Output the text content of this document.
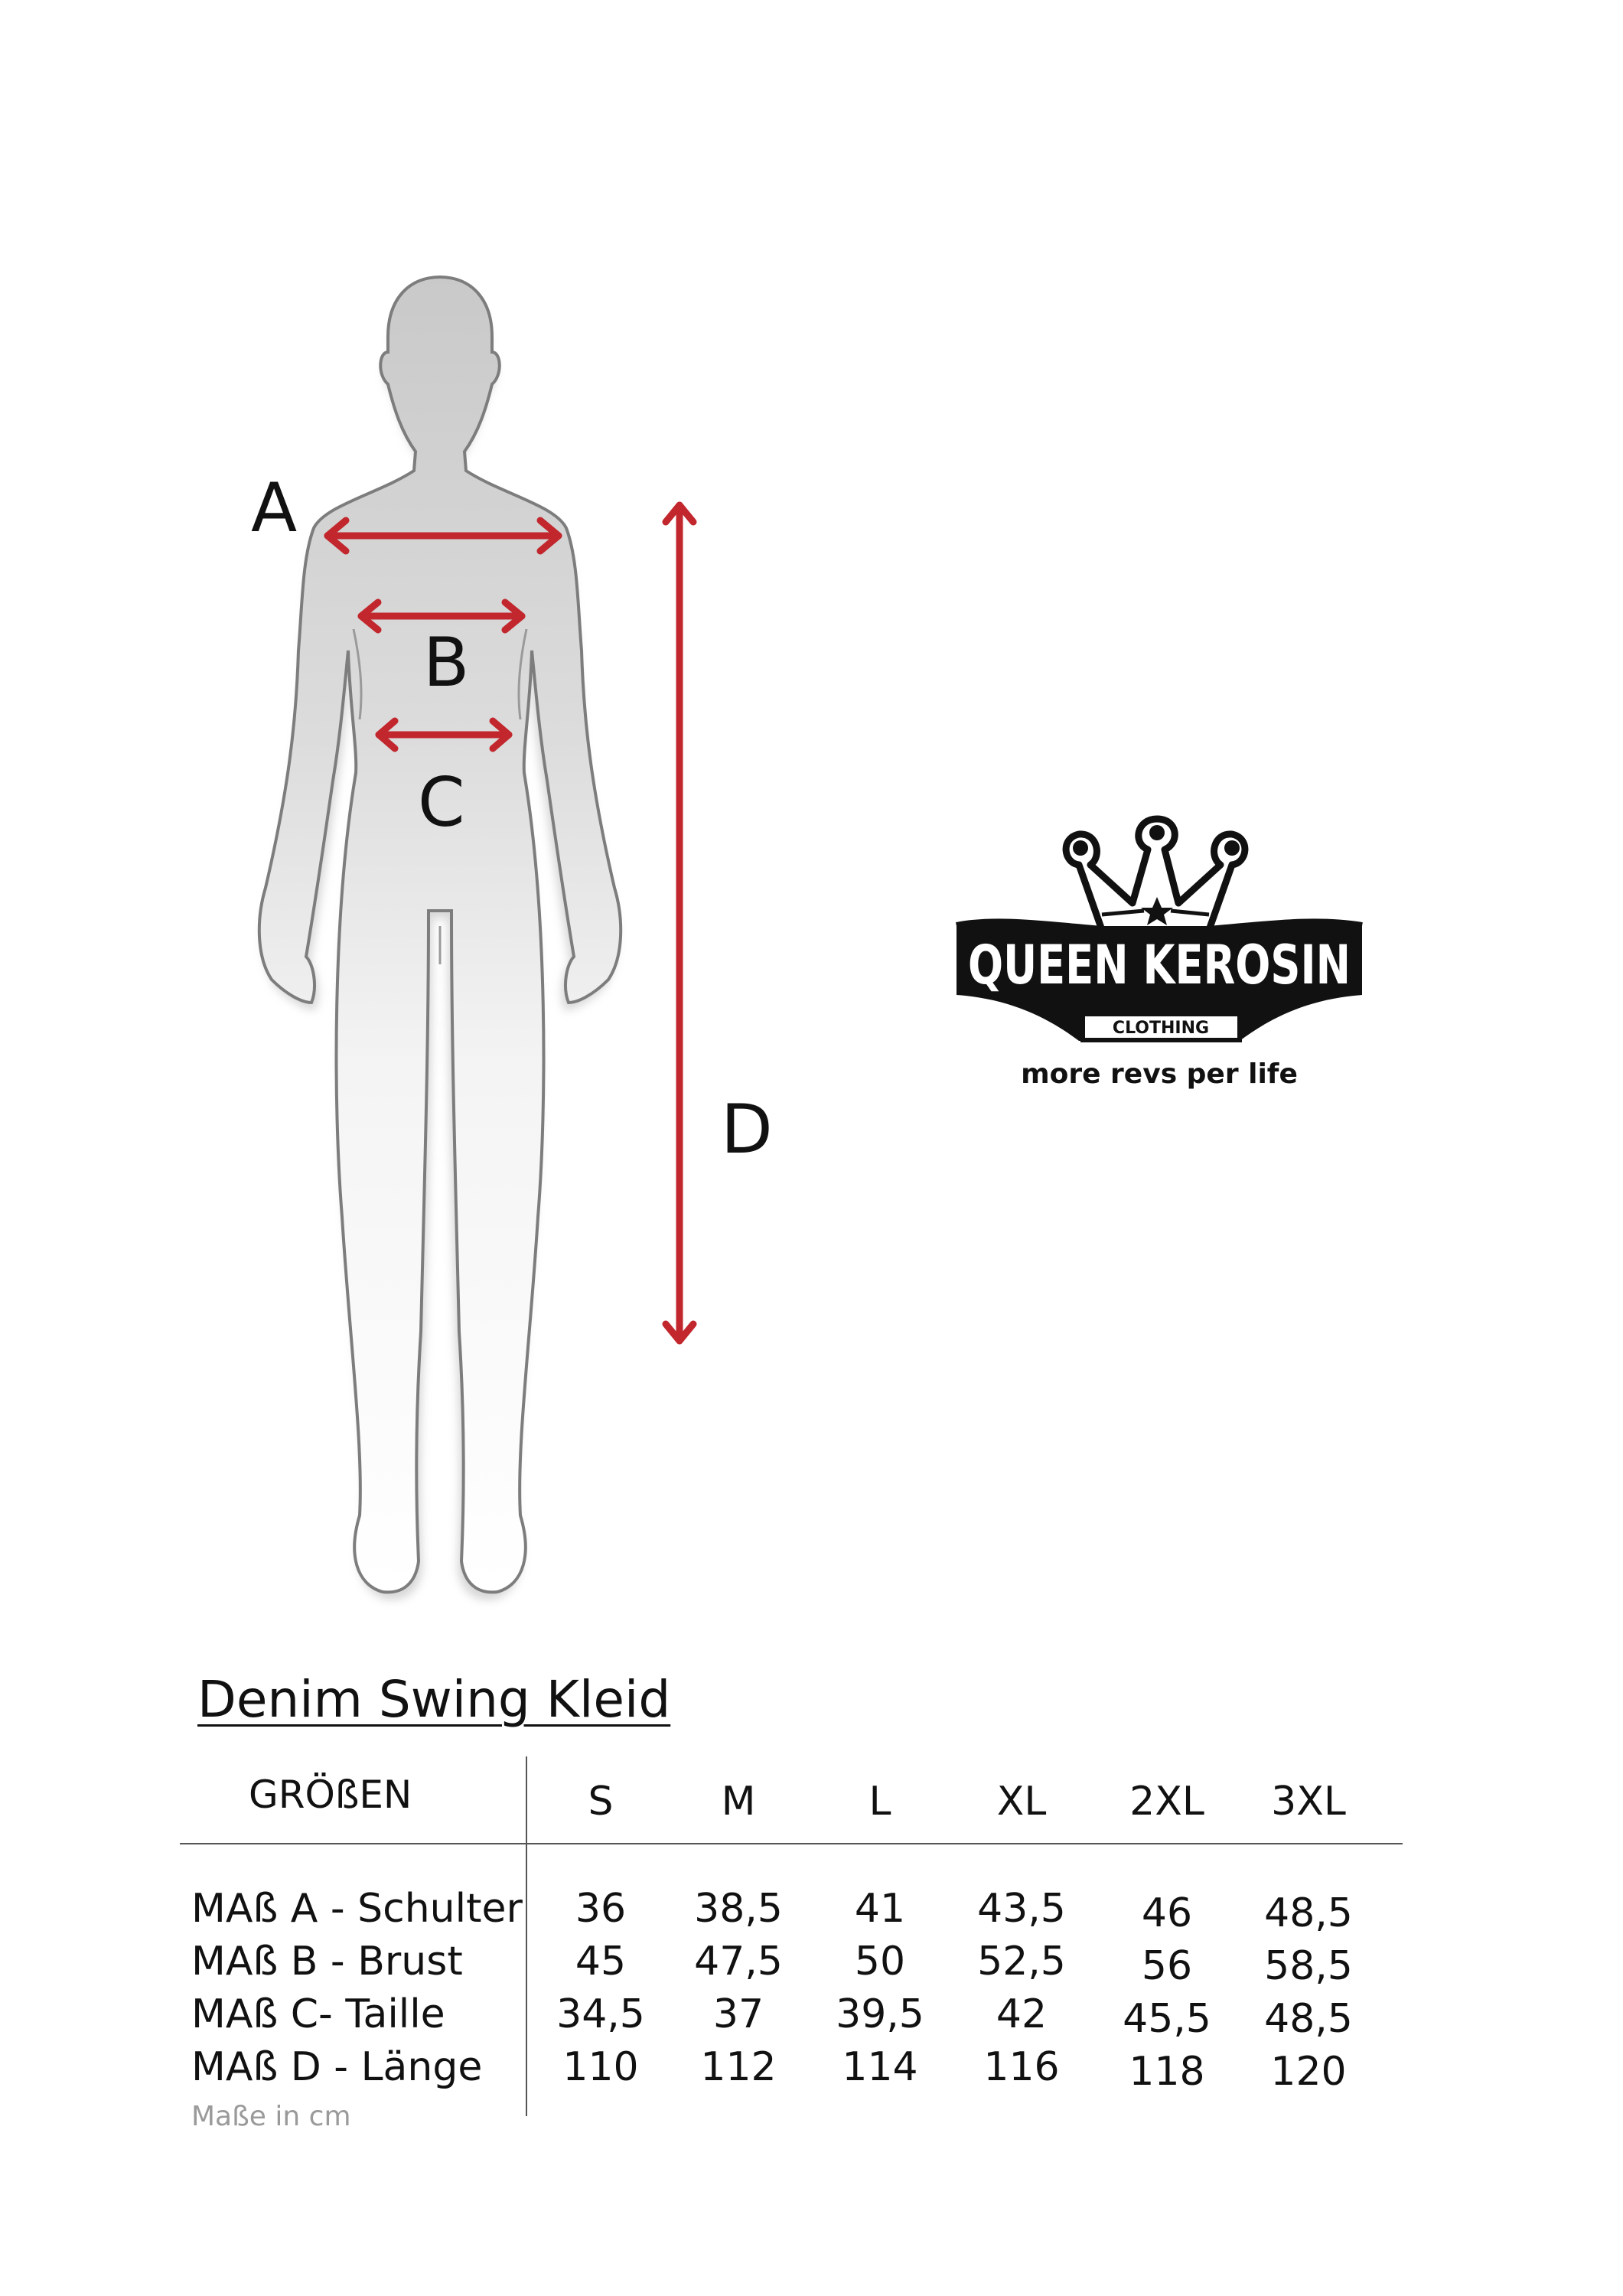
A
B
C
D
QUEEN KEROSIN
CLOTHING
more revs per life
Denim Swing Kleid
GRÖßEN	S	M	L	XL	2XL	3XL
MAß A - Schulter	36	38,5	41	43,5	46	48,5
MAß B - Brust	45	47,5	50	52,5	56	58,5
MAß C- Taille	34,5	37	39,5	42	45,5	48,5
MAß D - Länge	110	112	114	116	118	120
Maße in cm
